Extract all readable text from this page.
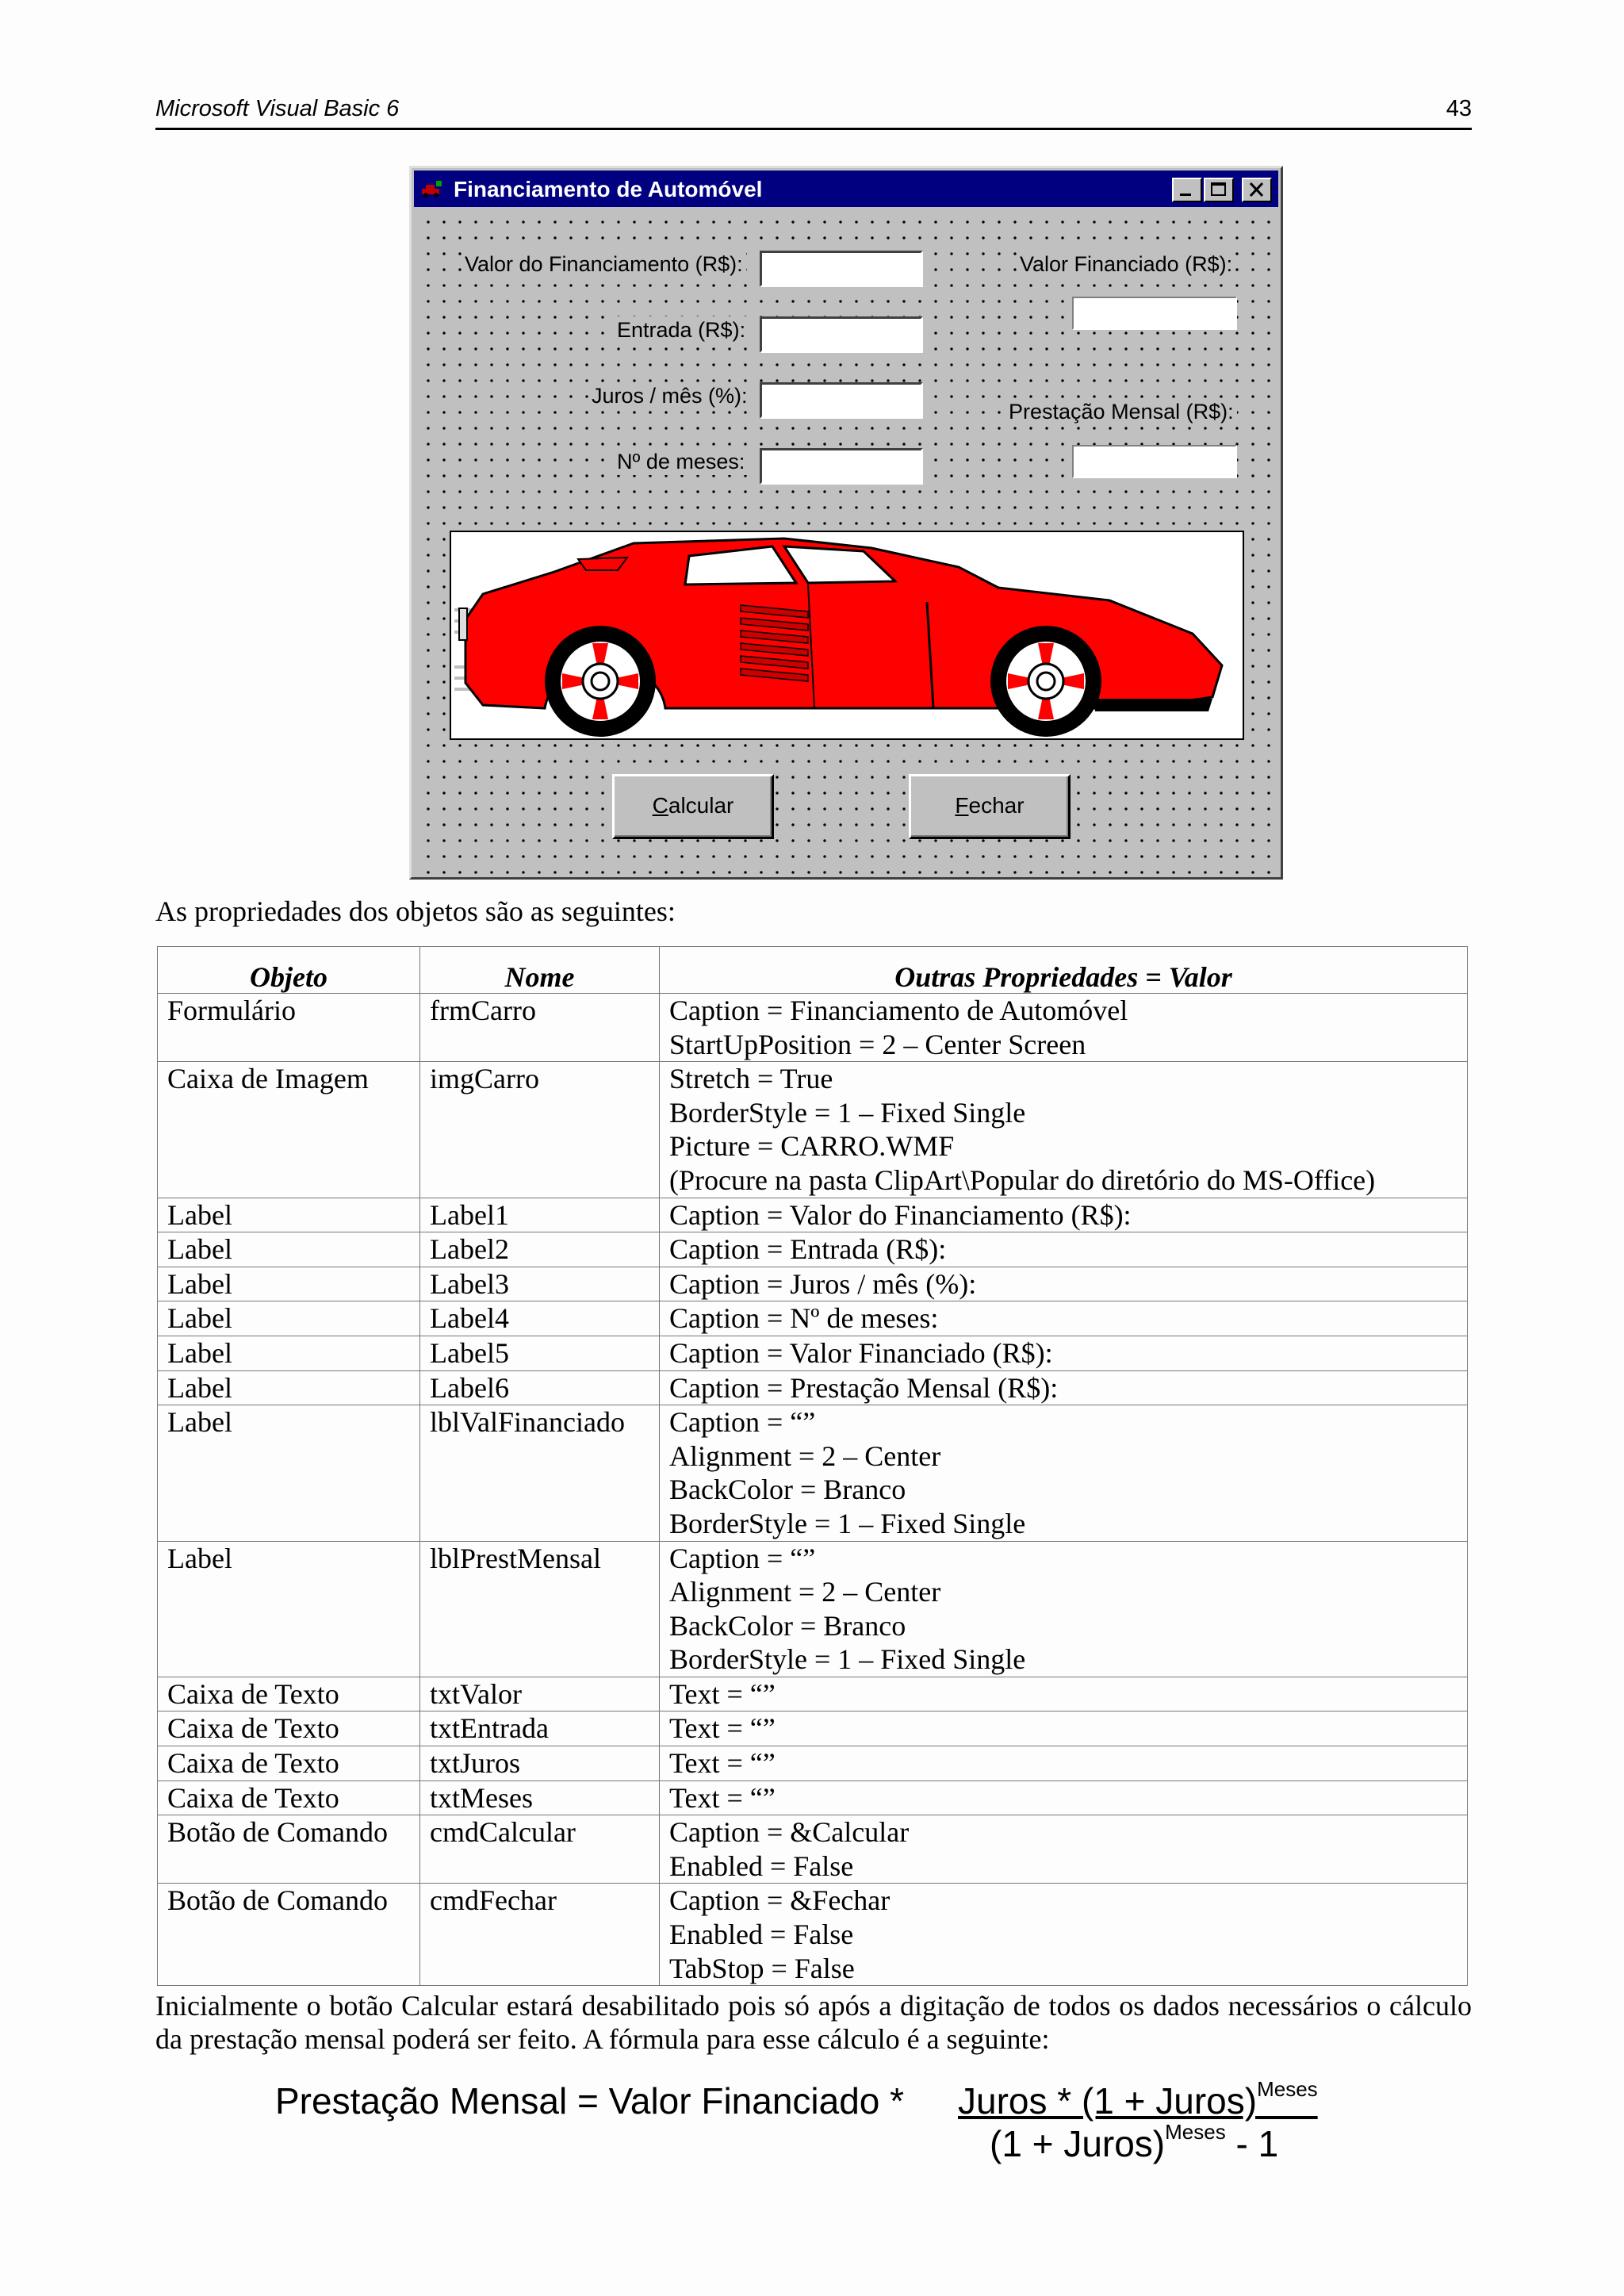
Microsoft Visual Basic 6	43
Financiamento de Automóvel
Valor do Financiamento (R$):
Entrada (R$):
Juros / mês (%):
Nº de meses:
Valor Financiado (R$):
Prestação Mensal (R$):
Calcular	Fechar
As propriedades dos objetos são as seguintes:
Objeto	Nome	Outras Propriedades = Valor
Formulário	frmCarro	Caption = Financiamento de Automóvel
StartUpPosition = 2 – Center Screen

Caixa de Imagem	imgCarro	Stretch = True
BorderStyle = 1 – Fixed Single
Picture = CARRO.WMF
(Procure na pasta ClipArt\Popular do diretório do MS-Office)

Label	Label1	Caption = Valor do Financiamento (R$):

Label	Label2	Caption = Entrada (R$):

Label	Label3	Caption = Juros / mês (%):

Label	Label4	Caption = Nº de meses:

Label	Label5	Caption = Valor Financiado (R$):

Label	Label6	Caption = Prestação Mensal (R$):

Label	lblValFinanciado	Caption = “”
Alignment = 2 – Center
BackColor = Branco
BorderStyle = 1 – Fixed Single

Label	lblPrestMensal	Caption = “”
Alignment = 2 – Center
BackColor = Branco
BorderStyle = 1 – Fixed Single

Caixa de Texto	txtValor	Text = “”

Caixa de Texto	txtEntrada	Text = “”

Caixa de Texto	txtJuros	Text = “”

Caixa de Texto	txtMeses	Text = “”

Botão de Comando	cmdCalcular	Caption = &Calcular
Enabled = False

Botão de Comando	cmdFechar	Caption = &Fechar
Enabled = False
TabStop = False
Inicialmente o botão Calcular estará desabilitado pois só após a digitação de todos os dados necessários o cálculo da prestação mensal poderá ser feito. A fórmula para esse cálculo é a seguinte:
Prestação Mensal = Valor Financiado * Juros * (1 + Juros)$^{Meses}$
(1 + Juros)$^{Meses}$ - 1
